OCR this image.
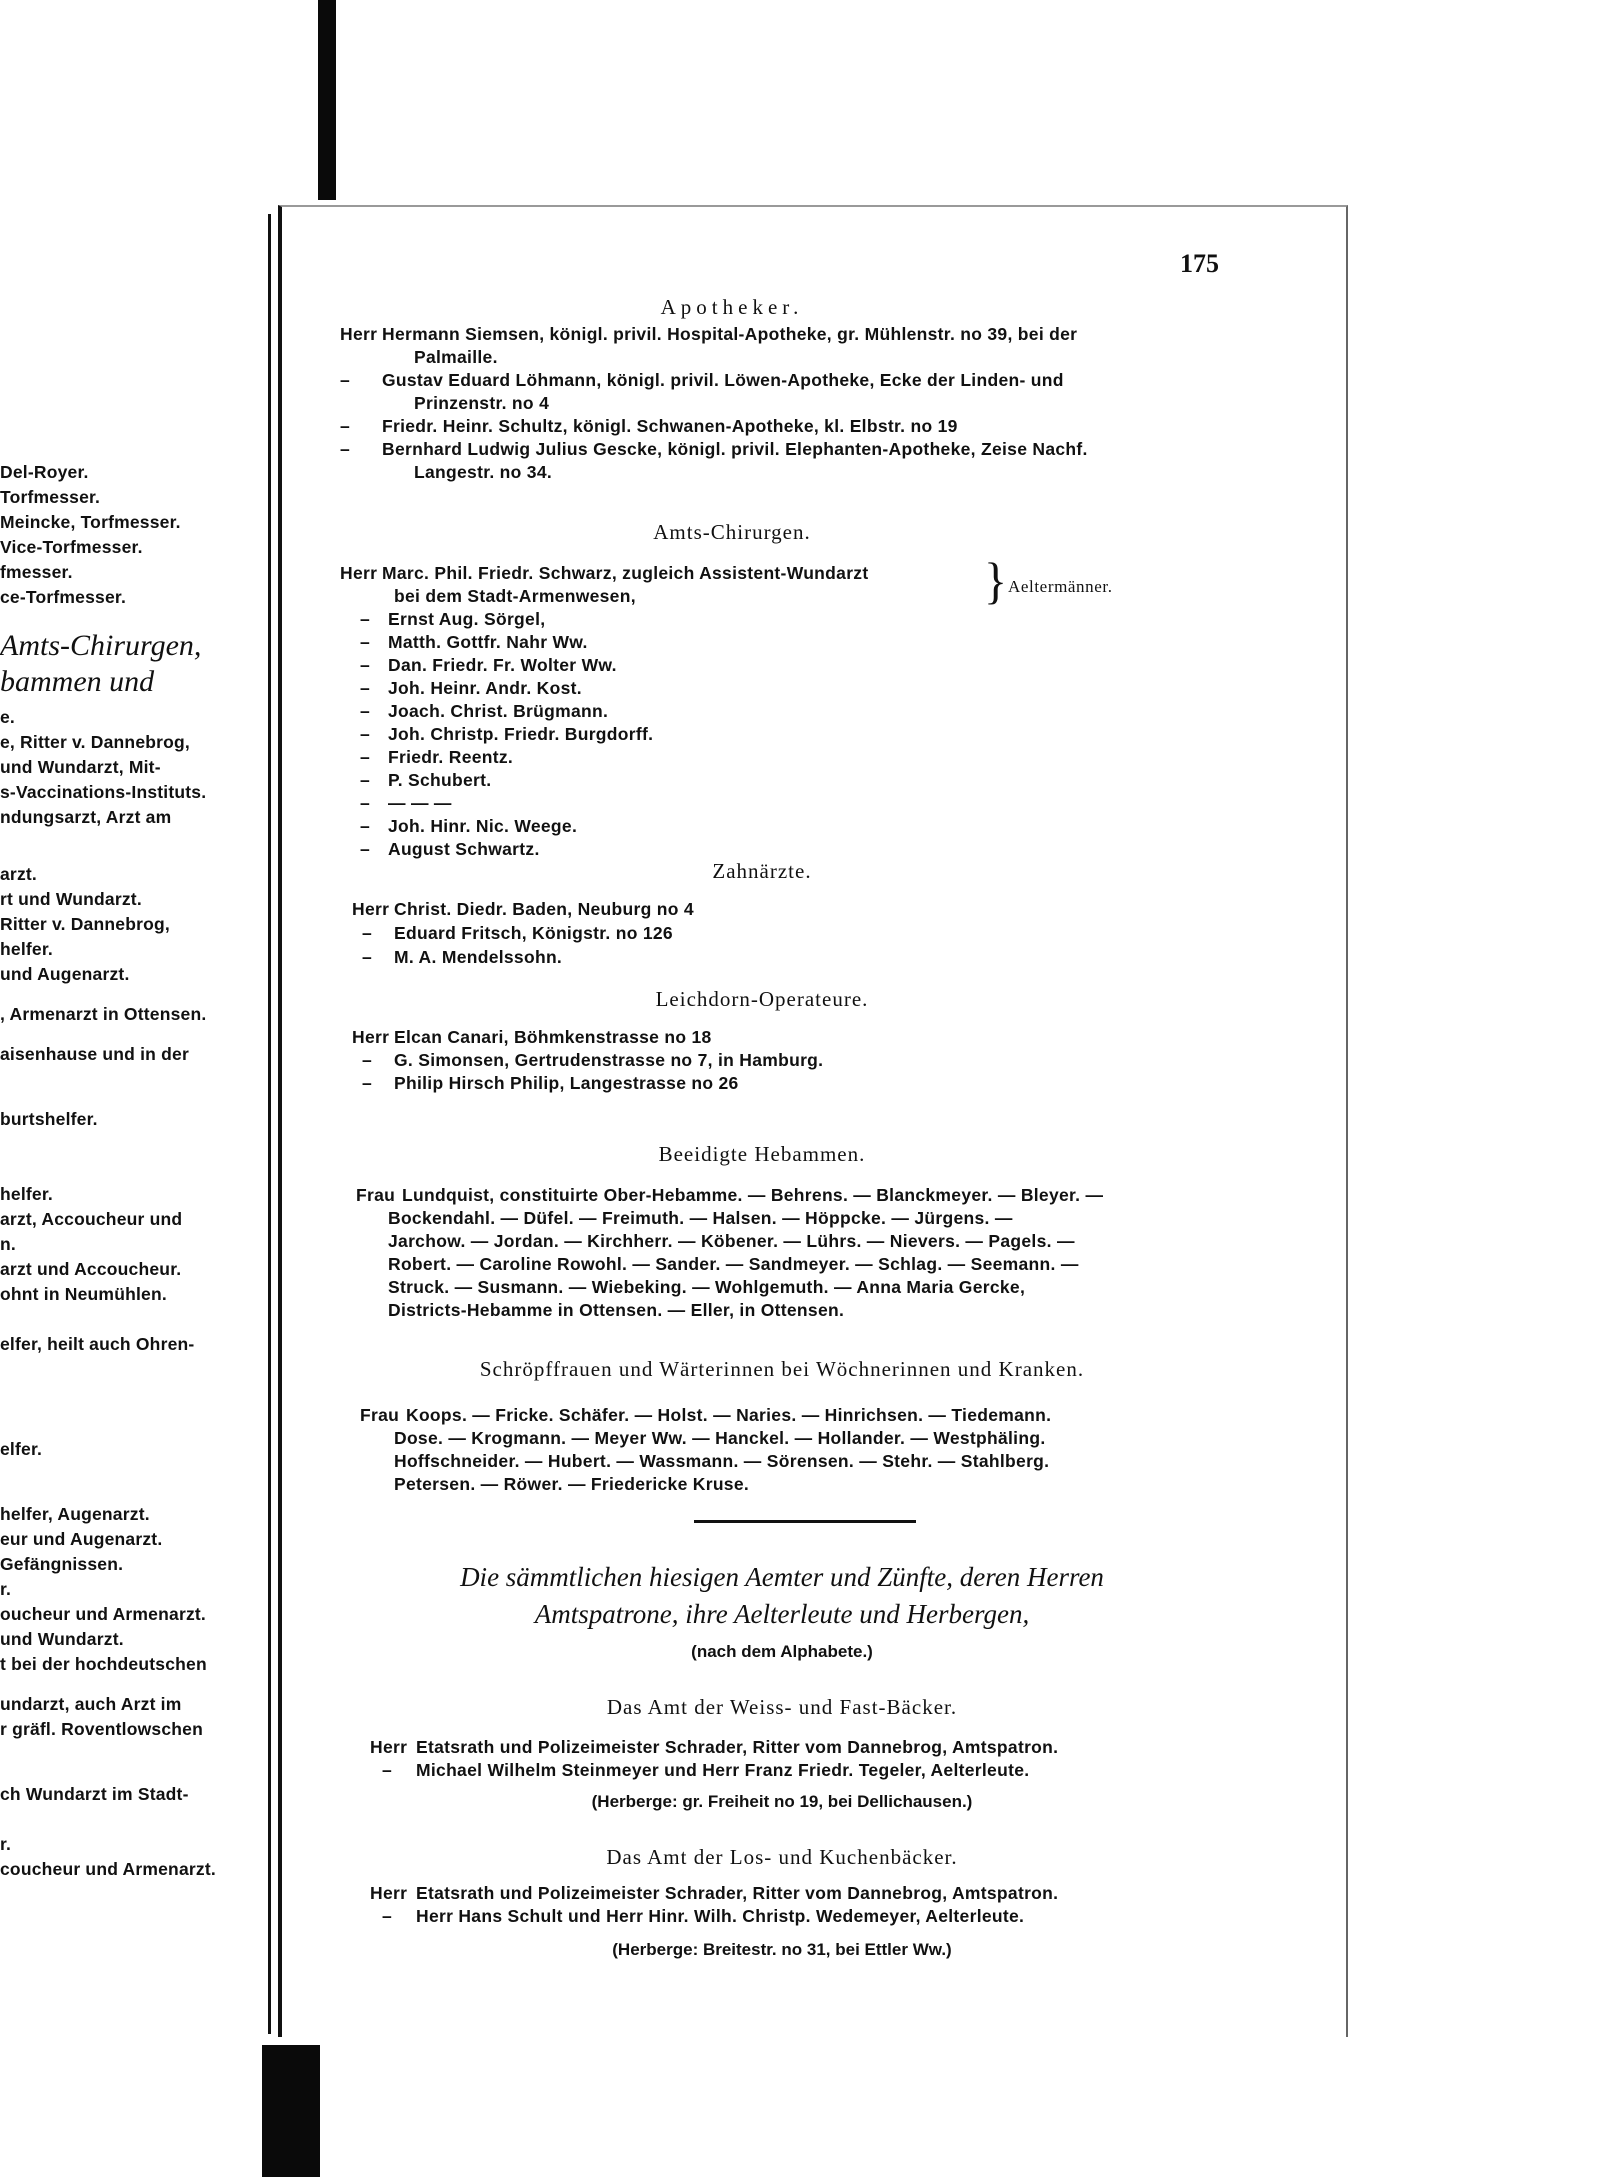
Del-Royer.
Torfmesser.
Meincke, Torfmesser.
Vice-Torfmesser.
fmesser.
ce-Torfmesser.
Amts-Chirurgen,
bammen und
e.
e, Ritter v. Dannebrog,
und Wundarzt, Mit-
s-Vaccinations-Instituts.
ndungsarzt, Arzt am
arzt.
rt und Wundarzt.
Ritter v. Dannebrog,
helfer.
und Augenarzt.
, Armenarzt in Ottensen.
aisenhause und in der
burtshelfer.
helfer.
arzt, Accoucheur und
n.
arzt und Accoucheur.
ohnt in Neumühlen.
elfer, heilt auch Ohren-
elfer.
helfer, Augenarzt.
eur und Augenarzt.
Gefängnissen.
r.
oucheur und Armenarzt.
und Wundarzt.
t bei der hochdeutschen
undarzt, auch Arzt im
r gräfl. Roventlowschen
ch Wundarzt im Stadt-
r.
coucheur und Armenarzt.
175
Apotheker.
Herr Hermann Siemsen, königl. privil. Hospital-Apotheke, gr. Mühlenstr. no 39, bei der
Palmaille.
– Gustav Eduard Löhmann, königl. privil. Löwen-Apotheke, Ecke der Linden- und
Prinzenstr. no 4
– Friedr. Heinr. Schultz, königl. Schwanen-Apotheke, kl. Elbstr. no 19
– Bernhard Ludwig Julius Gescke, königl. privil. Elephanten-Apotheke, Zeise Nachf.
Langestr. no 34.
Amts-Chirurgen.
Herr Marc. Phil. Friedr. Schwarz, zugleich Assistent-Wundarzt
bei dem Stadt-Armenwesen,	} Aeltermänner.
– Ernst Aug. Sörgel,
– Matth. Gottfr. Nahr Ww.
– Dan. Friedr. Fr. Wolter Ww.
– Joh. Heinr. Andr. Kost.
– Joach. Christ. Brügmann.
– Joh. Christp. Friedr. Burgdorff.
– Friedr. Reentz.
– P. Schubert.
– — — —
– Joh. Hinr. Nic. Weege.
– August Schwartz.
Zahnärzte.
Herr Christ. Diedr. Baden, Neuburg no 4
– Eduard Fritsch, Königstr. no 126
– M. A. Mendelssohn.
Leichdorn-Operateure.
Herr Elcan Canari, Böhmkenstrasse no 18
– G. Simonsen, Gertrudenstrasse no 7, in Hamburg.
– Philip Hirsch Philip, Langestrasse no 26
Beeidigte Hebammen.
Frau Lundquist, constituirte Ober-Hebamme. — Behrens. — Blanckmeyer. — Bleyer. —
Bockendahl. — Düfel. — Freimuth. — Halsen. — Höppcke. — Jürgens. —
Jarchow. — Jordan. — Kirchherr. — Köbener. — Lührs. — Nievers. — Pagels. —
Robert. — Caroline Rowohl. — Sander. — Sandmeyer. — Schlag. — Seemann. —
Struck. — Susmann. — Wiebeking. — Wohlgemuth. — Anna Maria Gercke,
Districts-Hebamme in Ottensen. — Eller, in Ottensen.
Schröpffrauen und Wärterinnen bei Wöchnerinnen und Kranken.
Frau Koops. — Fricke. Schäfer. — Holst. — Naries. — Hinrichsen. — Tiedemann.
Dose. — Krogmann. — Meyer Ww. — Hanckel. — Hollander. — Westphäling.
Hoffschneider. — Hubert. — Wassmann. — Sörensen. — Stehr. — Stahlberg.
Petersen. — Röwer. — Friedericke Kruse.
Die sämmtlichen hiesigen Aemter und Zünfte, deren Herren
Amtspatrone, ihre Aelterleute und Herbergen,
(nach dem Alphabete.)
Das Amt der Weiss- und Fast-Bäcker.
Herr Etatsrath und Polizeimeister Schrader, Ritter vom Dannebrog, Amtspatron.
– Michael Wilhelm Steinmeyer und Herr Franz Friedr. Tegeler, Aelterleute.
(Herberge: gr. Freiheit no 19, bei Dellichausen.)
Das Amt der Los- und Kuchenbäcker.
Herr Etatsrath und Polizeimeister Schrader, Ritter vom Dannebrog, Amtspatron.
– Herr Hans Schult und Herr Hinr. Wilh. Christp. Wedemeyer, Aelterleute.
(Herberge: Breitestr. no 31, bei Ettler Ww.)
